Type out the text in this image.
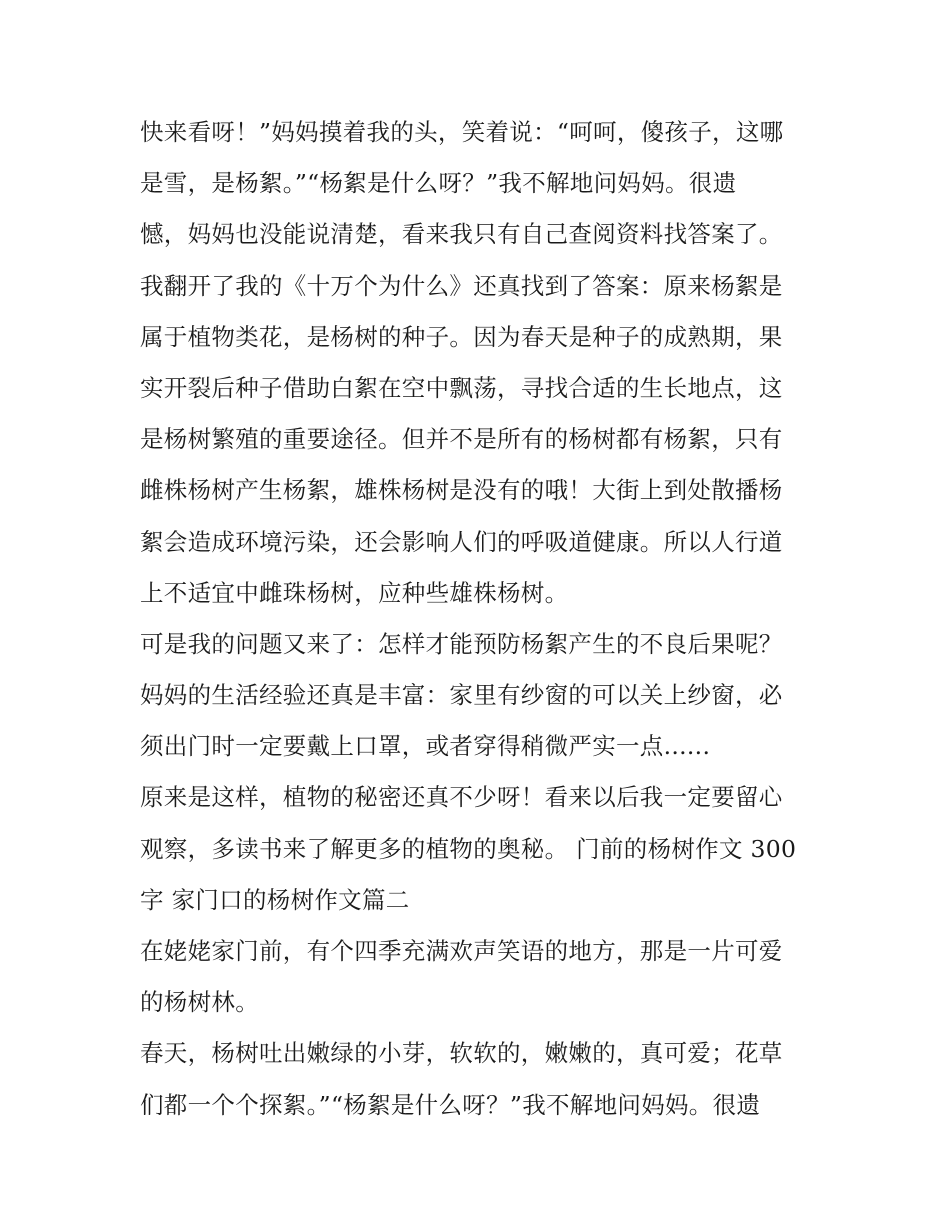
快来看呀！”妈妈摸着我的头，笑着说：“呵呵，傻孩子，这哪
是雪，是杨絮。”“杨絮是什么呀？”我不解地问妈妈。很遗
憾，妈妈也没能说清楚，看来我只有自己查阅资料找答案了。
我翻开了我的《十万个为什么》还真找到了答案：原来杨絮是
属于植物类花，是杨树的种子。因为春天是种子的成熟期，果
实开裂后种子借助白絮在空中飘荡，寻找合适的生长地点，这
是杨树繁殖的重要途径。但并不是所有的杨树都有杨絮，只有
雌株杨树产生杨絮，雄株杨树是没有的哦！大街上到处散播杨
絮会造成环境污染，还会影响人们的呼吸道健康。所以人行道
上不适宜中雌珠杨树，应种些雄株杨树。
可是我的问题又来了：怎样才能预防杨絮产生的不良后果呢？
妈妈的生活经验还真是丰富：家里有纱窗的可以关上纱窗，必
须出门时一定要戴上口罩，或者穿得稍微严实一点......
原来是这样，植物的秘密还真不少呀！看来以后我一定要留心
观察，多读书来了解更多的植物的奥秘。 门前的杨树作文 300
字 家门口的杨树作文篇二
在姥姥家门前，有个四季充满欢声笑语的地方，那是一片可爱
的杨树林。
春天，杨树吐出嫩绿的小芽，软软的，嫩嫩的，真可爱；花草
们都一个个探絮。”“杨絮是什么呀？”我不解地问妈妈。很遗
